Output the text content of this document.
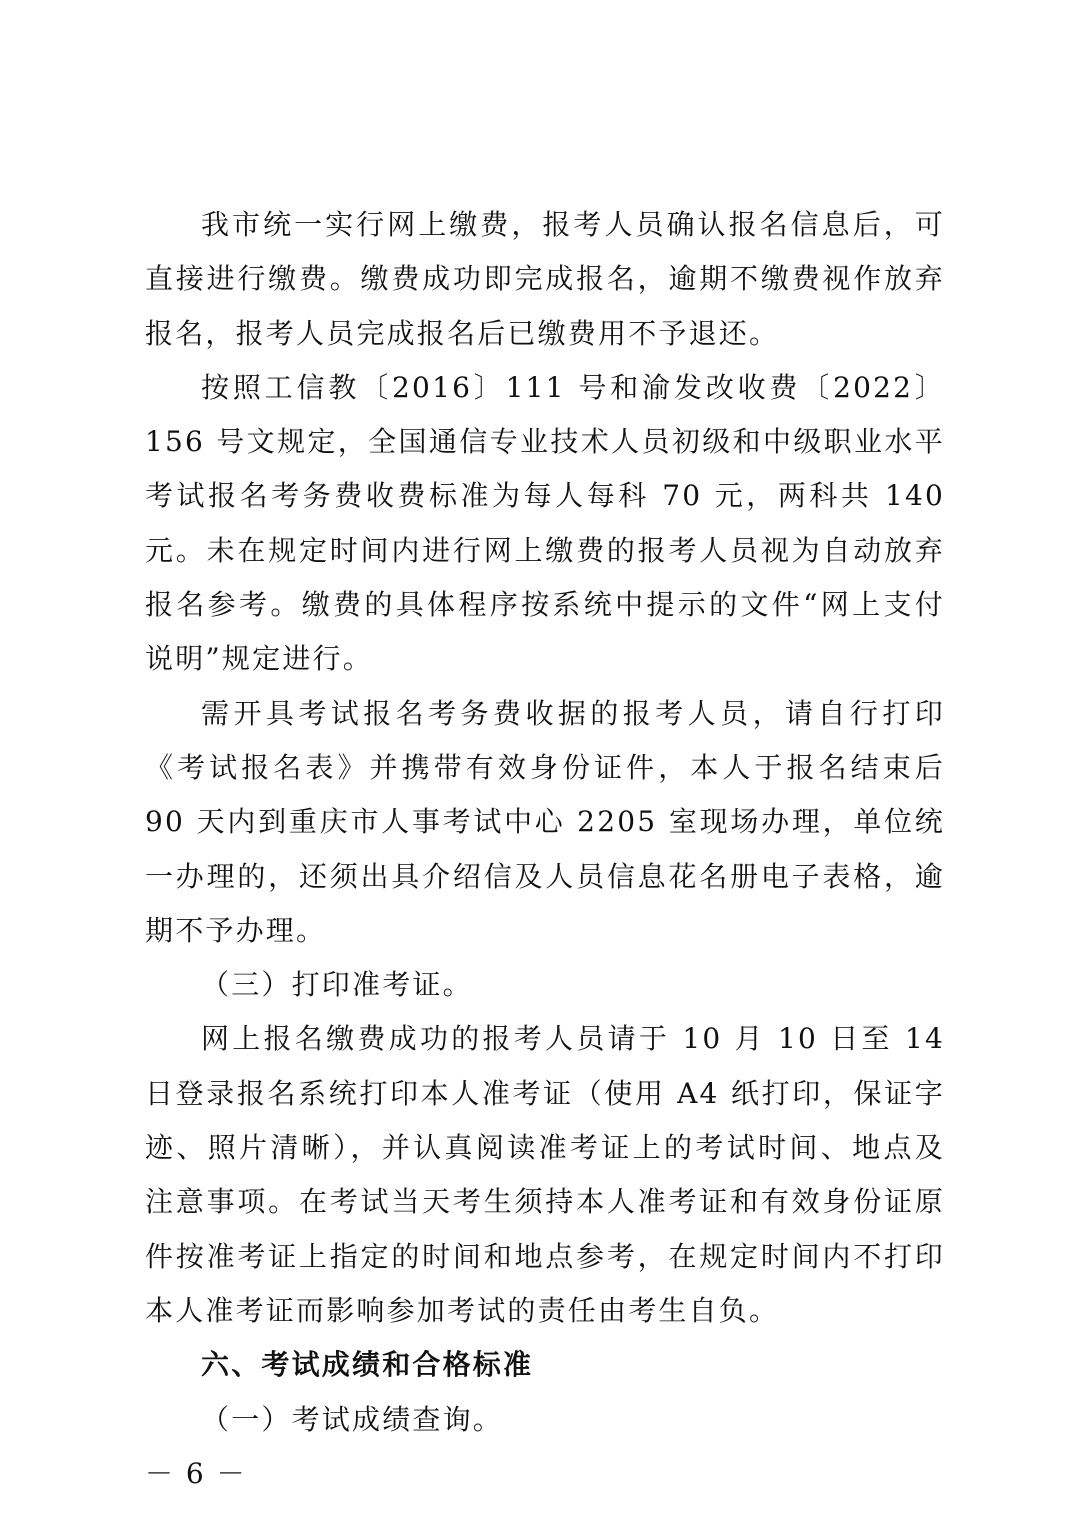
我市统一实行网上缴费，报考人员确认报名信息后，可直接进行缴费。缴费成功即完成报名，逾期不缴费视作放弃报名，报考人员完成报名后已缴费用不予退还。

按照工信教〔2016〕111 号和渝发改收费〔2022〕156 号文规定，全国通信专业技术人员初级和中级职业水平考试报名考务费收费标准为每人每科 70 元，两科共 140 元。未在规定时间内进行网上缴费的报考人员视为自动放弃报名参考。缴费的具体程序按系统中提示的文件“网上支付说明”规定进行。

需开具考试报名考务费收据的报考人员，请自行打印《考试报名表》并携带有效身份证件，本人于报名结束后 90 天内到重庆市人事考试中心 2205 室现场办理，单位统一办理的，还须出具介绍信及人员信息花名册电子表格，逾期不予办理。

（三）打印准考证。

网上报名缴费成功的报考人员请于 10 月 10 日至 14 日登录报名系统打印本人准考证（使用 A4 纸打印，保证字迹、照片清晰），并认真阅读准考证上的考试时间、地点及注意事项。在考试当天考生须持本人准考证和有效身份证原件按准考证上指定的时间和地点参考，在规定时间内不打印本人准考证而影响参加考试的责任由考生自负。

六、考试成绩和合格标准

（一）考试成绩查询。

－ 6 －
